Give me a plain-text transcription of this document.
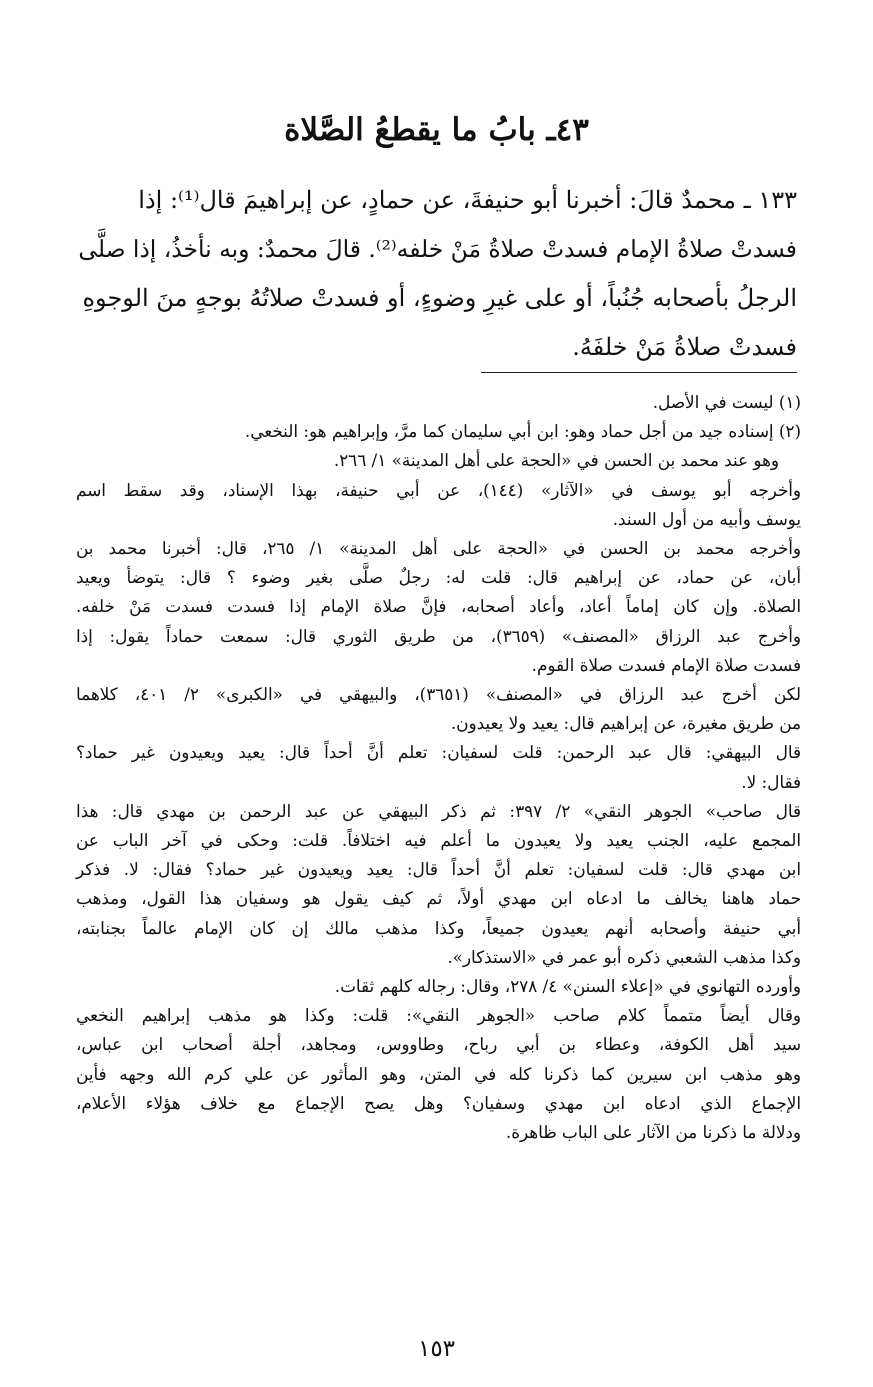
٤٣ـ بابُ ما يقطعُ الصَّلاة
١٣٣ ـ محمدٌ قالَ: أخبرنا أبو حنيفةَ، عن حمادٍ، عن إبراهيمَ قال⁽¹⁾: إذا
فسدتْ صلاةُ الإمام فسدتْ صلاةُ مَنْ خلفه⁽²⁾. قالَ محمدٌ: وبه نأخذُ، إذا صلَّى
الرجلُ بأصحابه جُنُباً، أو على غيرِ وضوءٍ، أو فسدتْ صلاتُهُ بوجهٍ منَ الوجوهِ
فسدتْ صلاةُ مَنْ خلفَهُ.
(١) ليست في الأصل.
(٢) إسناده جيد من أجل حماد وهو: ابن أبي سليمان كما مرَّ، وإبراهيم هو: النخعي.
وهو عند محمد بن الحسن في «الحجة على أهل المدينة» ١/ ٢٦٦.
وأخرجه أبو يوسف في «الآثار» (١٤٤)، عن أبي حنيفة، بهذا الإسناد، وقد سقط اسم
يوسف وأبيه من أول السند.
وأخرجه محمد بن الحسن في «الحجة على أهل المدينة» ١/ ٢٦٥، قال: أخبرنا محمد بن
أبان، عن حماد، عن إبراهيم قال: قلت له: رجلٌ صلَّى بغير وضوء ؟ قال: يتوضأ ويعيد
الصلاة. وإن كان إماماً أعاد، وأعاد أصحابه، فإنَّ صلاة الإمام إذا فسدت فسدت مَنْ خلفه.
وأخرج عبد الرزاق «المصنف» (٣٦٥٩)، من طريق الثوري قال: سمعت حماداً يقول: إذا
فسدت صلاة الإمام فسدت صلاة القوم.
لكن أخرج عبد الرزاق في «المصنف» (٣٦٥١)، والبيهقي في «الكبرى» ٢/ ٤٠١، كلاهما
من طريق مغيرة، عن إبراهيم قال: يعيد ولا يعيدون.
قال البيهقي: قال عبد الرحمن: قلت لسفيان: تعلم أنَّ أحداً قال: يعيد ويعيدون غير حماد؟
فقال: لا.
قال صاحب» الجوهر النقي» ٢/ ٣٩٧: ثم ذكر البيهقي عن عبد الرحمن بن مهدي قال: هذا
المجمع عليه، الجنب يعيد ولا يعيدون ما أعلم فيه اختلافاً. قلت: وحكى في آخر الباب عن
ابن مهدي قال: قلت لسفيان: تعلم أنَّ أحداً قال: يعيد ويعيدون غير حماد؟ فقال: لا. فذكر
حماد هاهنا يخالف ما ادعاه ابن مهدي أولاً، ثم كيف يقول هو وسفيان هذا القول، ومذهب
أبي حنيفة وأصحابه أنهم يعيدون جميعاً، وكذا مذهب مالك إن كان الإمام عالماً بجنابته،
وكذا مذهب الشعبي ذكره أبو عمر في «الاستذكار».
وأورده التهانوي في «إعلاء السنن» ٤/ ٢٧٨، وقال: رجاله كلهم ثقات.
وقال أيضاً متمماً كلام صاحب «الجوهر النقي»: قلت: وكذا هو مذهب إبراهيم النخعي
سيد أهل الكوفة، وعطاء بن أبي رباح، وطاووس، ومجاهد، أجلة أصحاب ابن عباس،
وهو مذهب ابن سيرين كما ذكرنا كله في المتن، وهو المأثور عن علي كرم الله وجهه فأين
الإجماع الذي ادعاه ابن مهدي وسفيان؟ وهل يصح الإجماع مع خلاف هؤلاء الأعلام،
ودلالة ما ذكرنا من الآثار على الباب ظاهرة.
١٥٣
